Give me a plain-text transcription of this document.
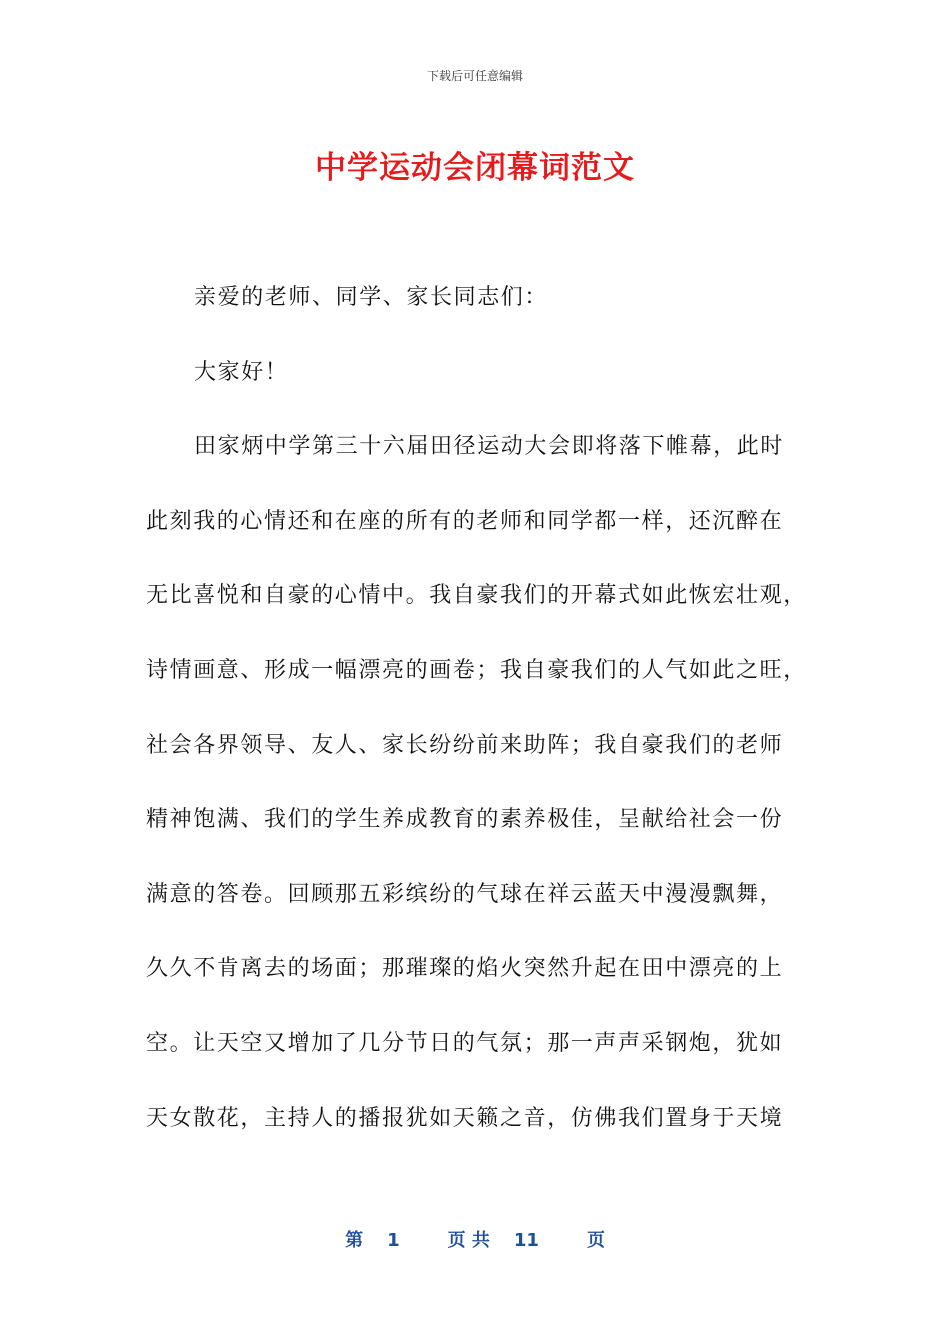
下载后可任意编辑
中学运动会闭幕词范文
亲爱的老师、同学、家长同志们：
大家好！
田家炳中学第三十六届田径运动大会即将落下帷幕，此时
此刻我的心情还和在座的所有的老师和同学都一样，还沉醉在
无比喜悦和自豪的心情中。我自豪我们的开幕式如此恢宏壮观，
诗情画意、形成一幅漂亮的画卷；我自豪我们的人气如此之旺，
社会各界领导、友人、家长纷纷前来助阵；我自豪我们的老师
精神饱满、我们的学生养成教育的素养极佳，呈献给社会一份
满意的答卷。回顾那五彩缤纷的气球在祥云蓝天中漫漫飘舞，
久久不肯离去的场面；那璀璨的焰火突然升起在田中漂亮的上
空。让天空又增加了几分节日的气氛；那一声声采钢炮，犹如
天女散花，主持人的播报犹如天籁之音，仿佛我们置身于天境
第 1	页 共 11	页
